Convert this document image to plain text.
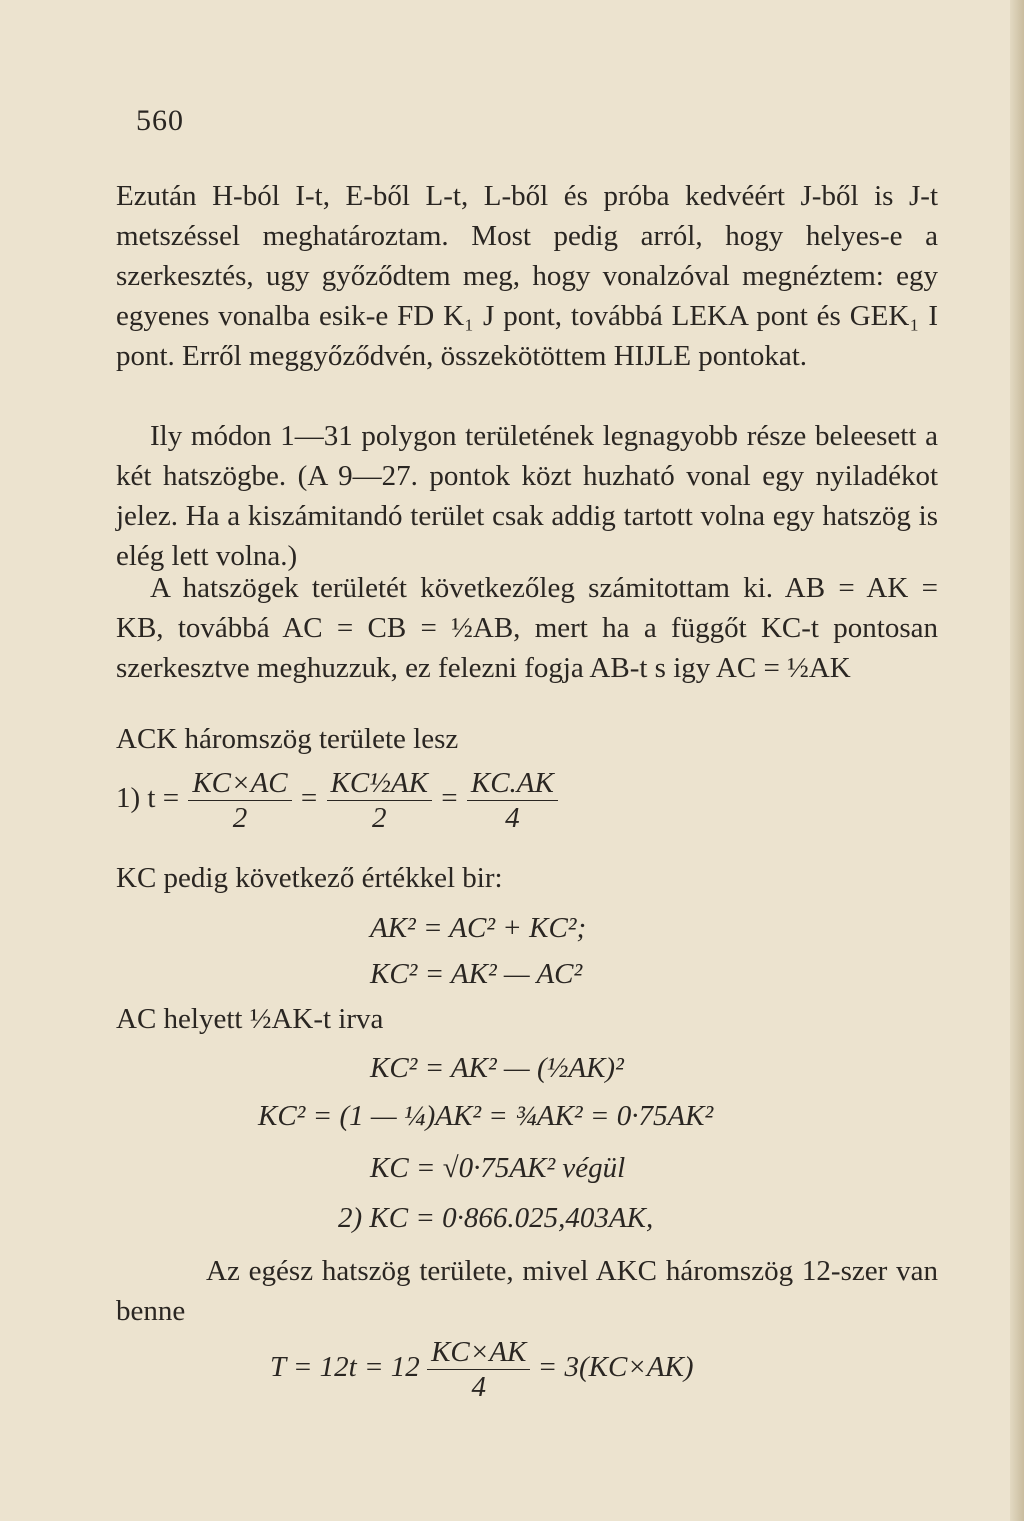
560

Ezután H-ból I-t, E-ből L-t, L-ből és próba kedvéért J-ből is J-t metszéssel meghatároztam. Most pedig arról, hogy helyes-e a szerkesztés, ugy győződtem meg, hogy vonalzóval megnéztem: egy egyenes vonalba esik-e FD K₁ J pont, továbbá LEKA pont és GEK₁ I pont. Erről meggyőződvén, összekötöttem HIJLE pontokat.

Ily módon 1—31 polygon területének legnagyobb része beleesett a két hatszögbe. (A 9—27. pontok közt huzható vonal egy nyiladékot jelez. Ha a kiszámitandó terület csak addig tartott volna egy hatszög is elég lett volna.)

A hatszögek területét következőleg számitottam ki. AB = AK = KB, továbbá AC = CB = ½AB, mert ha a függőt KC-t pontosan szerkesztve meghuzzuk, ez felezni fogja AB-t s igy AC = ½AK

ACK háromszög területe lesz

1) $t = \frac{KC\times AC}{2} = \frac{\text{KC½AK}}{2} = \frac{KC.AK}{4}$

KC pedig következő értékkel bir:

AK² = AC² + KC²;

KC² = AK² — AC²

AC helyett ½AK-t irva

KC² = AK² — (½AK)²

KC² = (1 — ¼)AK² = ¾AK² = 0·75AK²

KC = √0·75AK² végül

2) KC = 0·866.025,403AK,

Az egész hatszög területe, mivel AKC háromszög 12-szer van benne

$T = 12t = 12 \frac{KC\times AK}{4} = 3(KC\times AK)$
